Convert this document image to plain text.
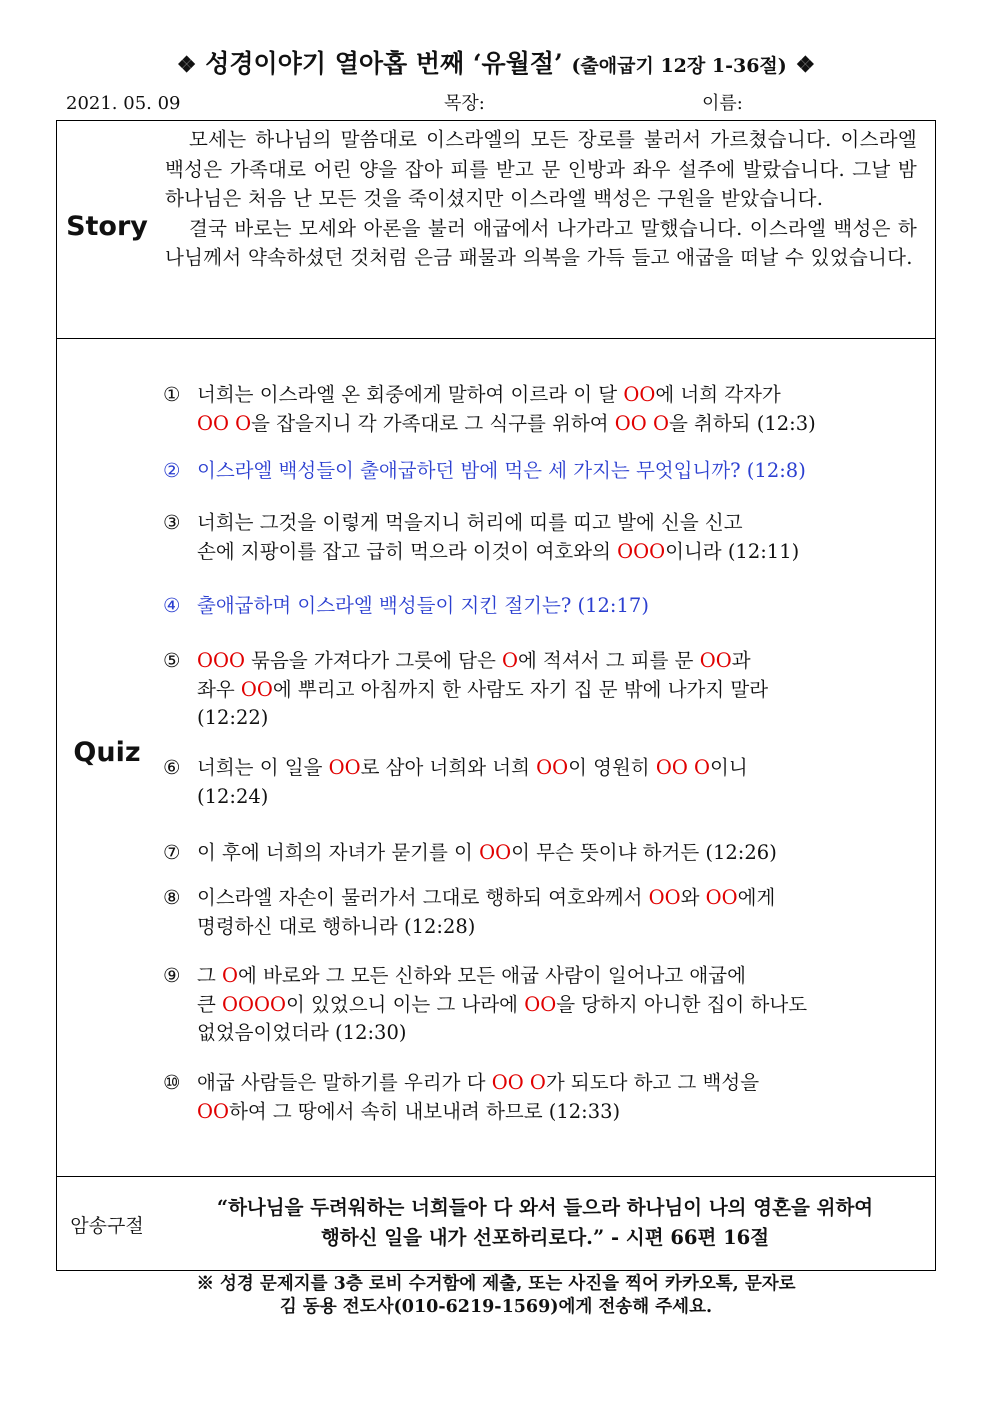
❖ 성경이야기 열아홉 번째 ‘유월절’ (출애굽기 12장 1-36절) ❖
2021. 05. 09	목장:	이름:
Story

모세는 하나님의 말씀대로 이스라엘의 모든 장로를 불러서 가르쳤습니다. 이스라엘 백성은 가족대로 어린 양을 잡아 피를 받고 문 인방과 좌우 설주에 발랐습니다. 그날 밤 하나님은 처음 난 모든 것을 죽이셨지만 이스라엘 백성은 구원을 받았습니다.

결국 바로는 모세와 아론을 불러 애굽에서 나가라고 말했습니다. 이스라엘 백성은 하나님께서 약속하셨던 것처럼 은금 패물과 의복을 가득 들고 애굽을 떠날 수 있었습니다.

Quiz
① 너희는 이스라엘 온 회중에게 말하여 이르라 이 달 OO에 너희 각자가
OO O을 잡을지니 각 가족대로 그 식구를 위하여 OO O을 취하되 (12:3)
② 이스라엘 백성들이 출애굽하던 밤에 먹은 세 가지는 무엇입니까? (12:8)
③ 너희는 그것을 이렇게 먹을지니 허리에 띠를 띠고 발에 신을 신고
손에 지팡이를 잡고 급히 먹으라 이것이 여호와의 OOO이니라 (12:11)
④ 출애굽하며 이스라엘 백성들이 지킨 절기는? (12:17)
⑤ OOO 묶음을 가져다가 그릇에 담은 O에 적셔서 그 피를 문 OO과
좌우 OO에 뿌리고 아침까지 한 사람도 자기 집 문 밖에 나가지 말라
(12:22)
⑥ 너희는 이 일을 OO로 삼아 너희와 너희 OO이 영원히 OO O이니
(12:24)
⑦ 이 후에 너희의 자녀가 묻기를 이 OO이 무슨 뜻이냐 하거든 (12:26)
⑧ 이스라엘 자손이 물러가서 그대로 행하되 여호와께서 OO와 OO에게
명령하신 대로 행하니라 (12:28)
⑨ 그 O에 바로와 그 모든 신하와 모든 애굽 사람이 일어나고 애굽에
큰 OOOO이 있었으니 이는 그 나라에 OO을 당하지 아니한 집이 하나도
없었음이었더라 (12:30)
⑩ 애굽 사람들은 말하기를 우리가 다 OO O가 되도다 하고 그 백성을
OO하여 그 땅에서 속히 내보내려 하므로 (12:33)
암송구절
“하나님을 두려워하는 너희들아 다 와서 들으라 하나님이 나의 영혼을 위하여
행하신 일을 내가 선포하리로다.” - 시편 66편 16절
※ 성경 문제지를 3층 로비 수거함에 제출, 또는 사진을 찍어 카카오톡, 문자로
김 동용 전도사(010-6219-1569)에게 전송해 주세요.
